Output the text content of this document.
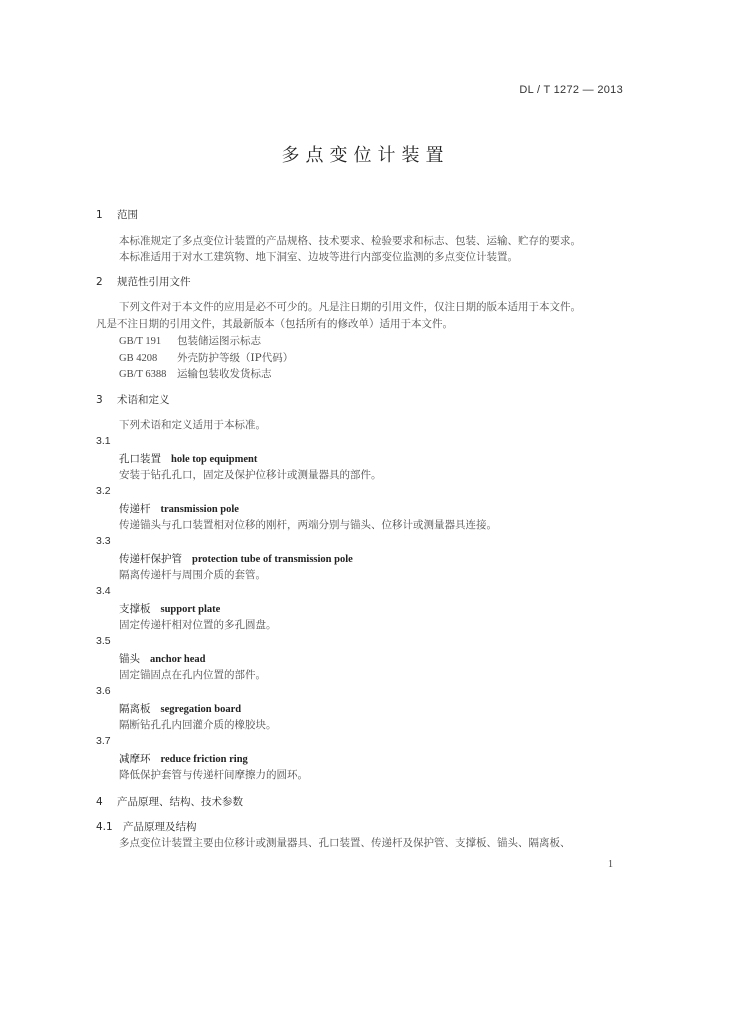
DL / T 1272 — 2013
多点变位计装置
1 范围
本标准规定了多点变位计装置的产品规格、技术要求、检验要求和标志、包装、运输、贮存的要求。
本标准适用于对水工建筑物、地下洞室、边坡等进行内部变位监测的多点变位计装置。
2 规范性引用文件
下列文件对于本文件的应用是必不可少的。凡是注日期的引用文件，仅注日期的版本适用于本文件。
凡是不注日期的引用文件，其最新版本（包括所有的修改单）适用于本文件。
GB/T 191 包装储运图示标志
GB 4208 外壳防护等级（IP代码）
GB/T 6388 运输包装收发货标志
3 术语和定义
下列术语和定义适用于本标准。
3.1
孔口装置 hole top equipment
安装于钻孔孔口，固定及保护位移计或测量器具的部件。
3.2
传递杆 transmission pole
传递锚头与孔口装置相对位移的刚杆，两端分别与锚头、位移计或测量器具连接。
3.3
传递杆保护管 protection tube of transmission pole
隔离传递杆与周围介质的套管。
3.4
支撑板 support plate
固定传递杆相对位置的多孔圆盘。
3.5
锚头 anchor head
固定锚固点在孔内位置的部件。
3.6
隔离板 segregation board
隔断钻孔孔内回灌介质的橡胶块。
3.7
减摩环 reduce friction ring
降低保护套管与传递杆间摩擦力的圆环。
4 产品原理、结构、技术参数
4.1 产品原理及结构
多点变位计装置主要由位移计或测量器具、孔口装置、传递杆及保护管、支撑板、锚头、隔离板、
1
